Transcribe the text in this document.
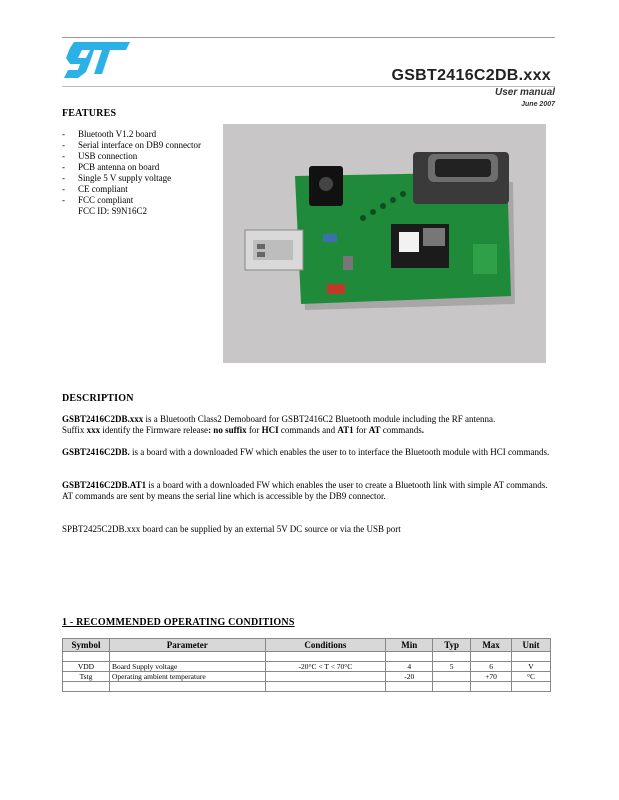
GSBT2416C2DB.xxx
User manual
June 2007
FEATURES
- Bluetooth V1.2 board
- Serial interface on DB9 connector
- USB connection
- PCB antenna on board
- Single 5 V supply voltage
- CE compliant
- FCC compliant
FCC ID: S9N16C2
DESCRIPTION
GSBT2416C2DB.xxx is a Bluetooth Class2 Demoboard for GSBT2416C2 Bluetooth module including the RF antenna.
Suffix xxx identify the Firmware release: no suffix for HCI commands and AT1 for AT commands.
GSBT2416C2DB. is a board with a downloaded FW which enables the user to to interface the Bluetooth module with HCI commands.
GSBT2416C2DB.AT1 is a board with a downloaded FW which enables the user to create a Bluetooth link with simple AT commands.
AT commands are sent by means the serial line which is accessible by the DB9 connector.
SPBT2425C2DB.xxx board can be supplied by an external 5V DC source or via the USB port
1 - RECOMMENDED OPERATING CONDITIONS
Symbol	Parameter	Conditions	Min	Typ	Max	Unit

VDD	Board Supply voltage	-20°C < T < 70°C	4	5	6	V
Tstg	Operating ambient temperature		-20		+70	°C
